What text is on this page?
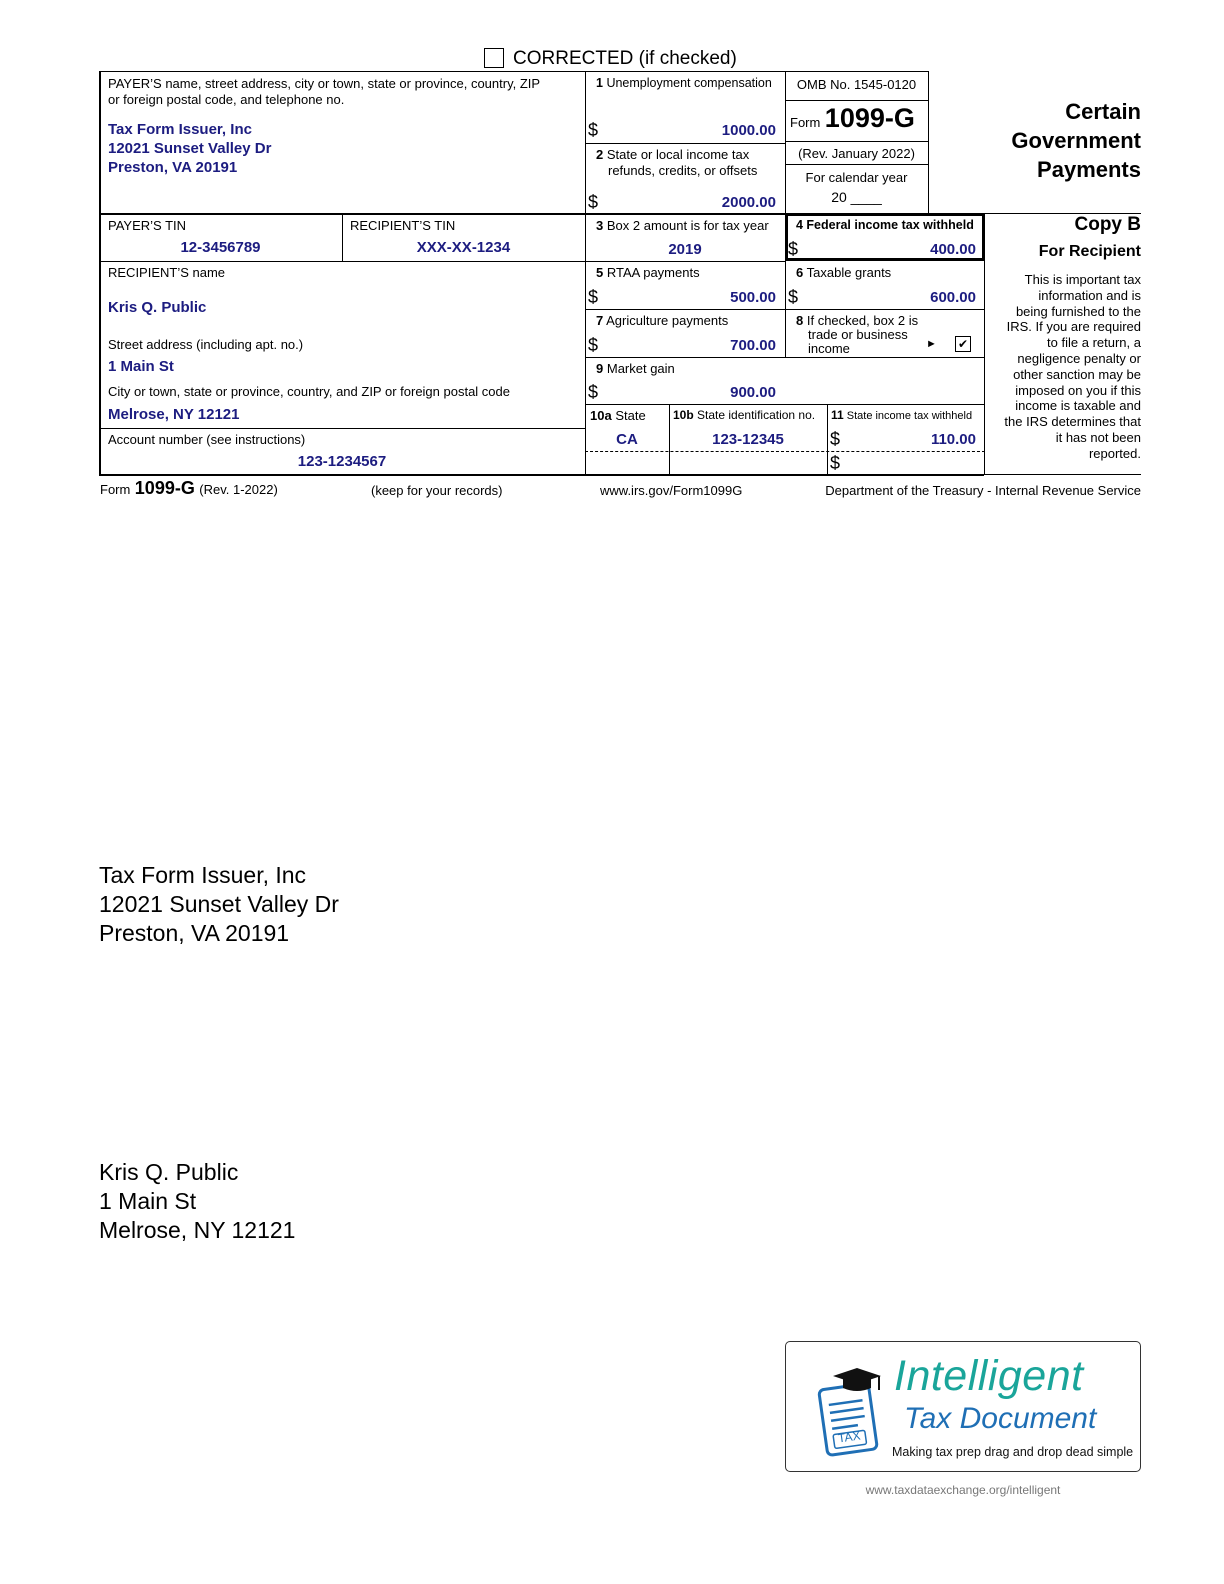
CORRECTED (if checked)
PAYER’S name, street address, city or town, state or province, country, ZIP
or foreign postal code, and telephone no.
Tax Form Issuer, Inc
12021 Sunset Valley Dr
Preston, VA 20191
1 Unemployment compensation
$	1000.00
2 State or local income tax
refunds, credits, or offsets
$	2000.00
OMB No. 1545-0120
Form 1099-G
(Rev. January 2022)
For calendar year
20 ____
Certain
Government
Payments
PAYER’S TIN
12-3456789
RECIPIENT’S TIN
XXX-XX-1234
3 Box 2 amount is for tax year
2019
4 Federal income tax withheld
$	400.00
Copy B
For Recipient
This is important tax
information and is
being furnished to the
IRS. If you are required
to file a return, a
negligence penalty or
other sanction may be
imposed on you if this
income is taxable and
the IRS determines that
it has not been
reported.
RECIPIENT’S name
Kris Q. Public
5 RTAA payments
$	500.00
6 Taxable grants
$	600.00
Street address (including apt. no.)
1 Main St
7 Agriculture payments
$	700.00
8 If checked, box 2 is
trade or business
income	► ✔
City or town, state or province, country, and ZIP or foreign postal code
Melrose, NY 12121
9 Market gain
$	900.00
10a State
CA
10b State identification no.
123-12345
11 State income tax withheld
$	110.00
$
Account number (see instructions)
123-1234567
Form 1099-G (Rev. 1-2022)	(keep for your records)	www.irs.gov/Form1099G	Department of the Treasury - Internal Revenue Service
Tax Form Issuer, Inc
12021 Sunset Valley Dr
Preston, VA 20191
Kris Q. Public
1 Main St
Melrose, NY 12121
TAX
Intelligent
Tax Document
Making tax prep drag and drop dead simple
www.taxdataexchange.org/intelligent
